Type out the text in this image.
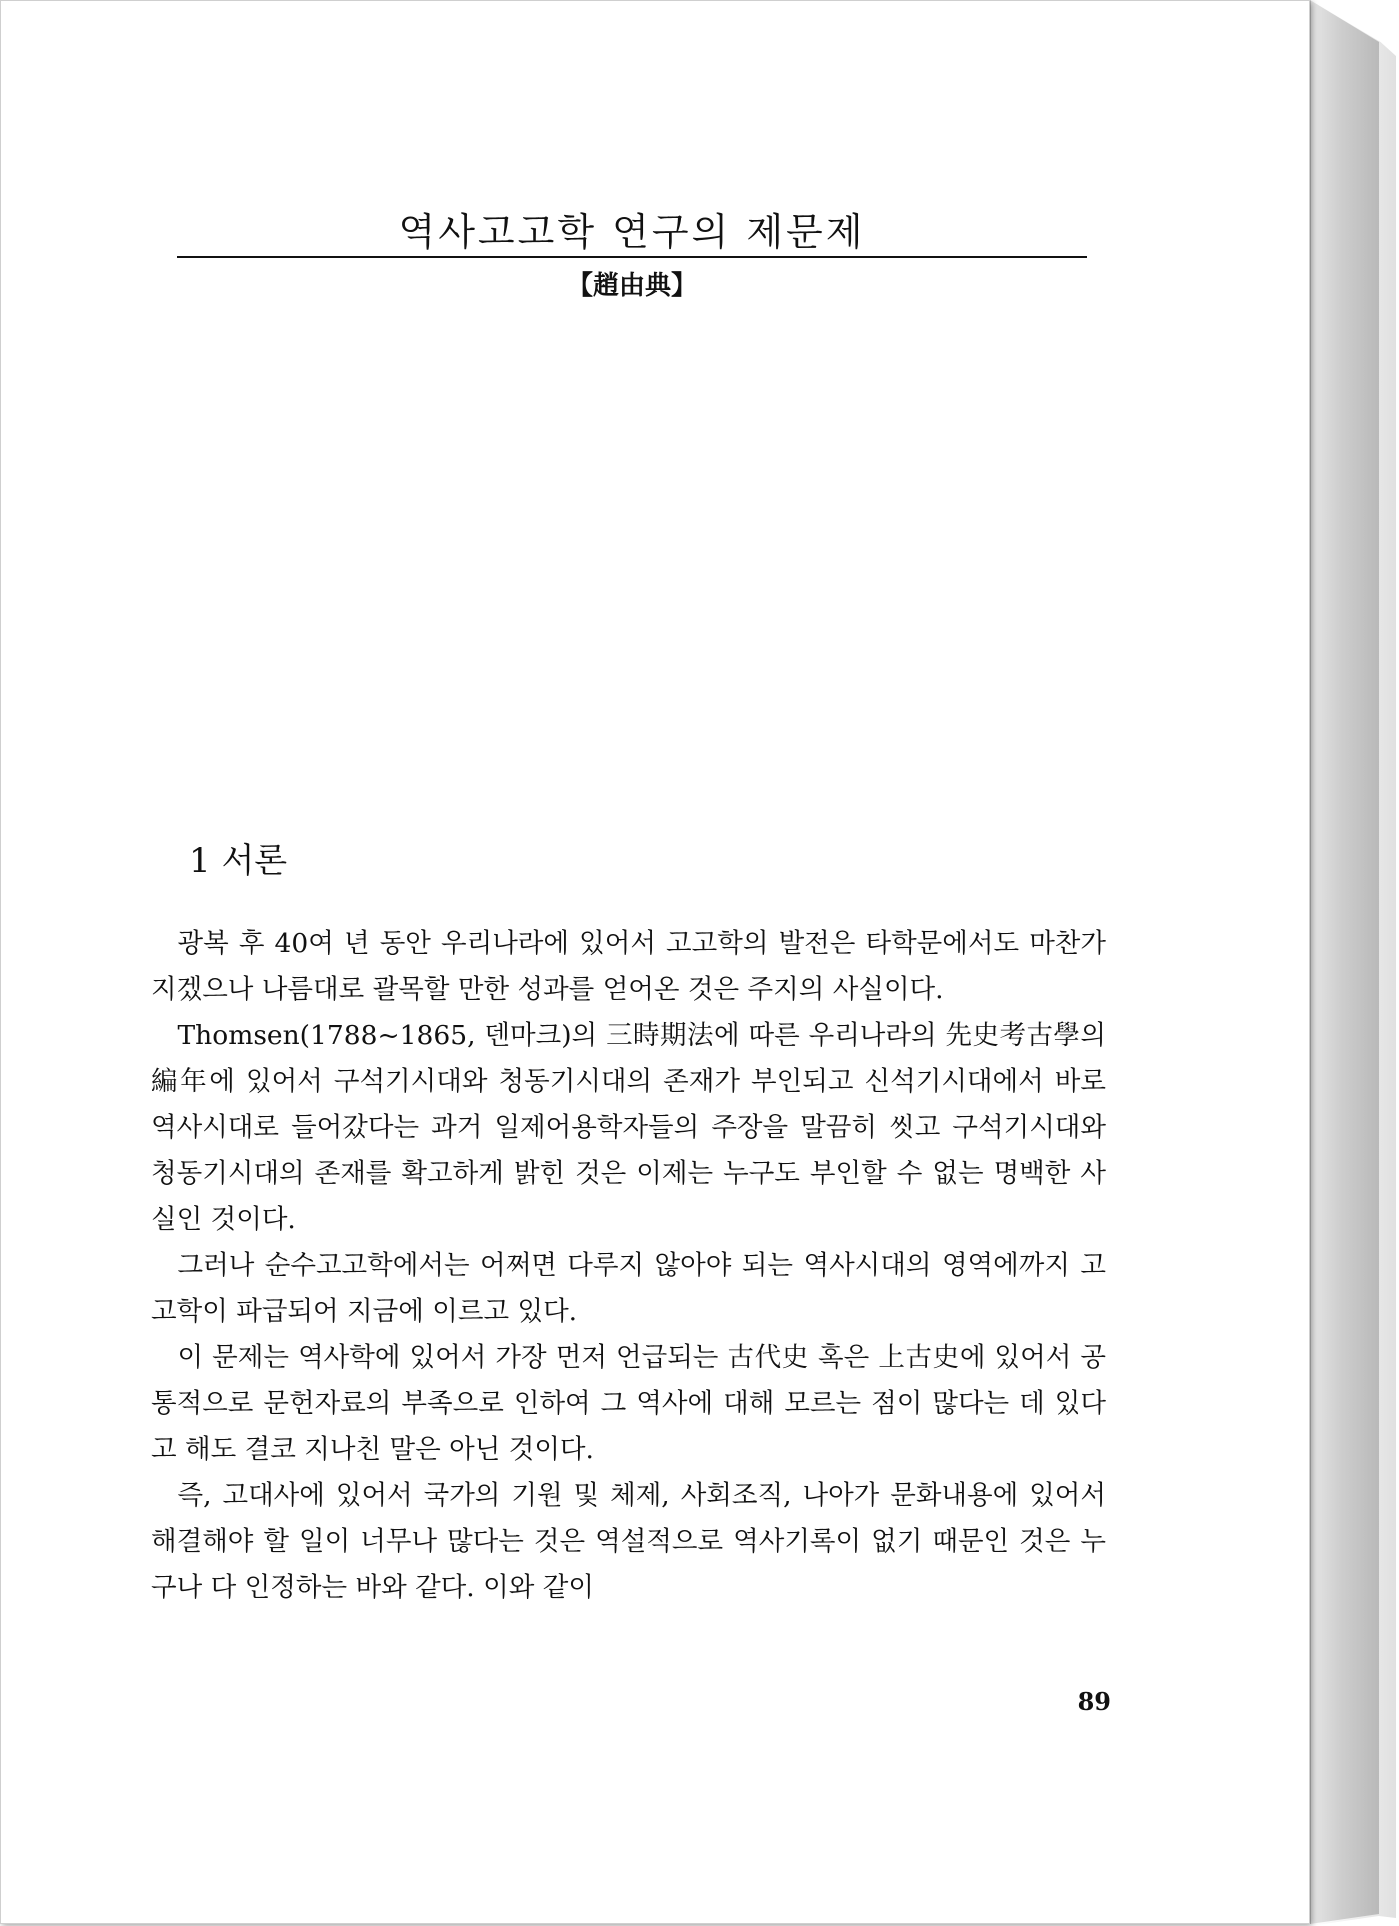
역사고고학 연구의 제문제
【趙由典】
1 서론

광복 후 40여 년 동안 우리나라에 있어서 고고학의 발전은 타학문에서도 마찬가지겠으나 나름대로 괄목할 만한 성과를 얻어온 것은 주지의 사실이다.

Thomsen(1788~1865, 덴마크)의 三時期法에 따른 우리나라의 先史考古學의 編年에 있어서 구석기시대와 청동기시대의 존재가 부인되고 신석기시대에서 바로 역사시대로 들어갔다는 과거 일제어용학자들의 주장을 말끔히 씻고 구석기시대와 청동기시대의 존재를 확고하게 밝힌 것은 이제는 누구도 부인할 수 없는 명백한 사실인 것이다.

그러나 순수고고학에서는 어쩌면 다루지 않아야 되는 역사시대의 영역에까지 고고학이 파급되어 지금에 이르고 있다.

이 문제는 역사학에 있어서 가장 먼저 언급되는 古代史 혹은 上古史에 있어서 공통적으로 문헌자료의 부족으로 인하여 그 역사에 대해 모르는 점이 많다는 데 있다고 해도 결코 지나친 말은 아닌 것이다.

즉, 고대사에 있어서 국가의 기원 및 체제, 사회조직, 나아가 문화내용에 있어서 해결해야 할 일이 너무나 많다는 것은 역설적으로 역사기록이 없기 때문인 것은 누구나 다 인정하는 바와 같다. 이와 같이

89
